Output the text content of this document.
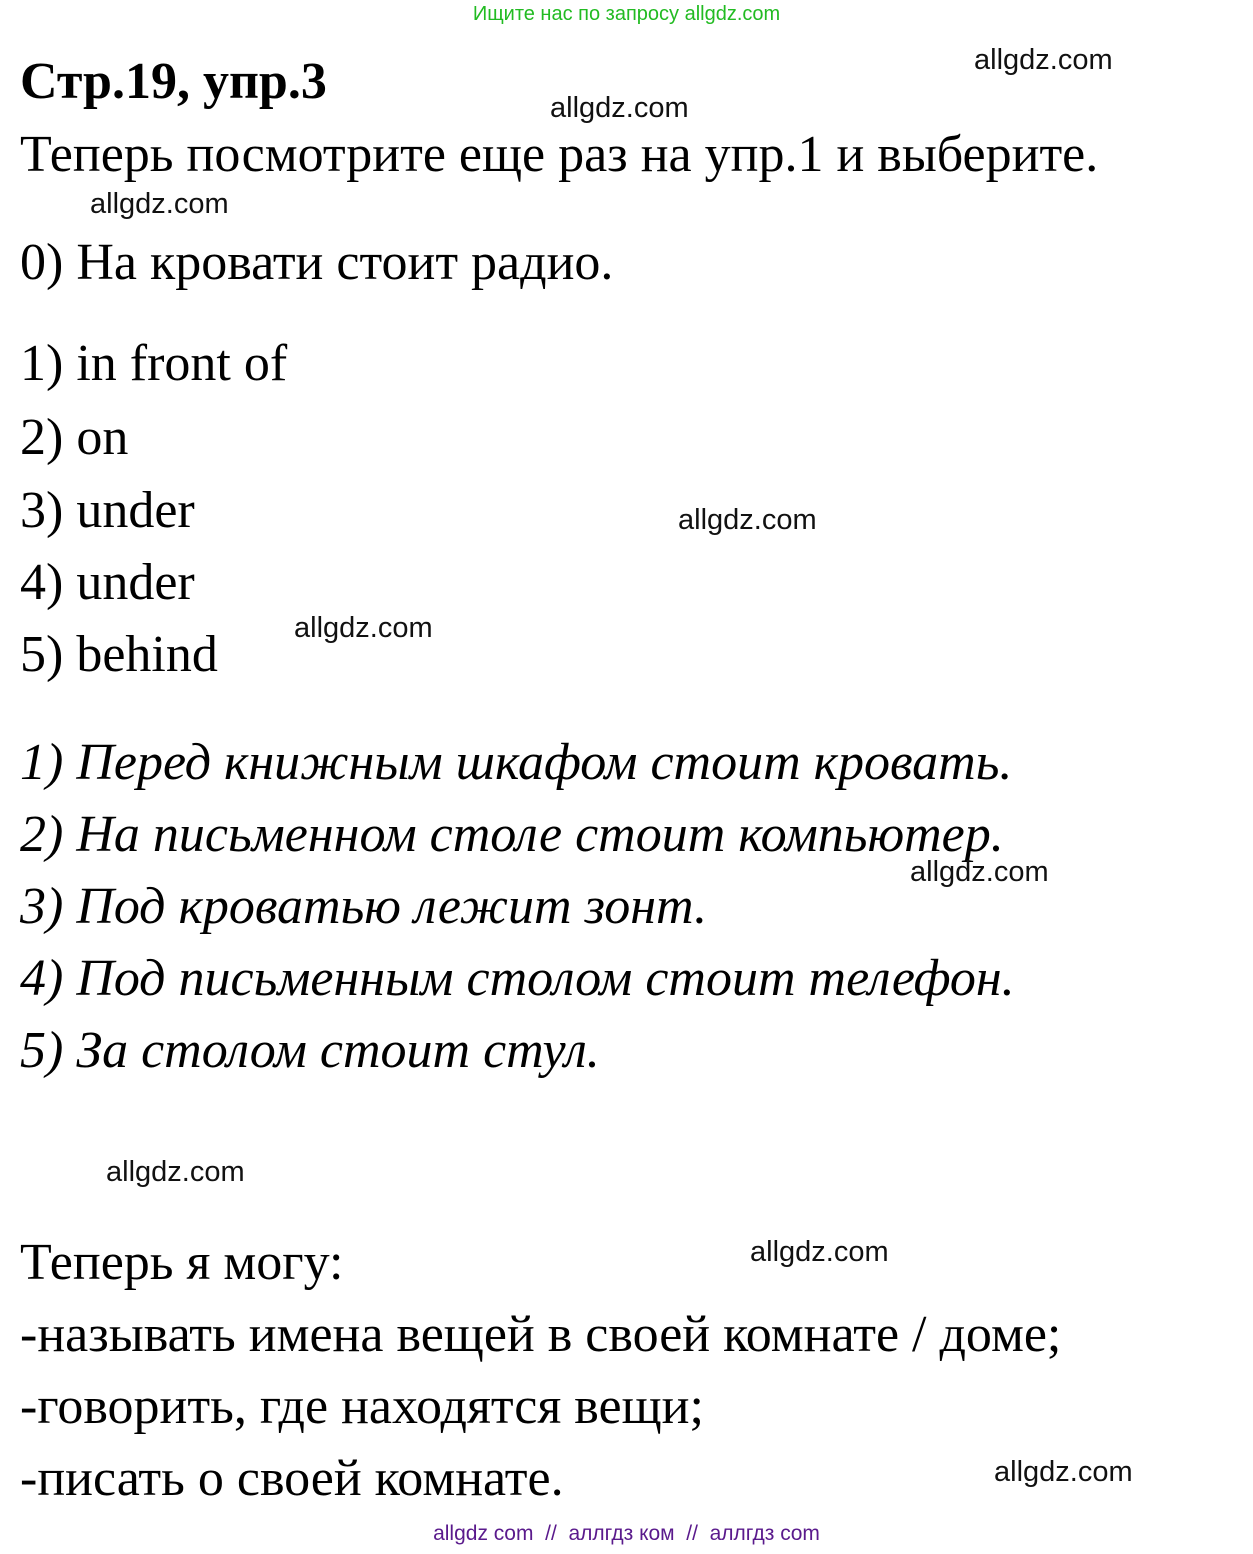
Ищите нас по запросу allgdz.com
Стр.19, упр.3
Теперь посмотрите еще раз на упр.1 и выберите.
0) На кровати стоит радио.
1) in front of
2) on
3) under
4) under
5) behind
1) Перед книжным шкафом стоит кровать.
2) На письменном столе стоит компьютер.
3) Под кроватью лежит зонт.
4) Под письменным столом стоит телефон.
5) За столом стоит стул.
Теперь я могу:
-называть имена вещей в своей комнате / доме;
-говорить, где находятся вещи;
-писать о своей комнате.
allgdz.com
allgdz.com
allgdz.com
allgdz.com
allgdz.com
allgdz.com
allgdz.com
allgdz.com
allgdz.com
allgdz com  //  аллгдз ком  //  аллгдз com
